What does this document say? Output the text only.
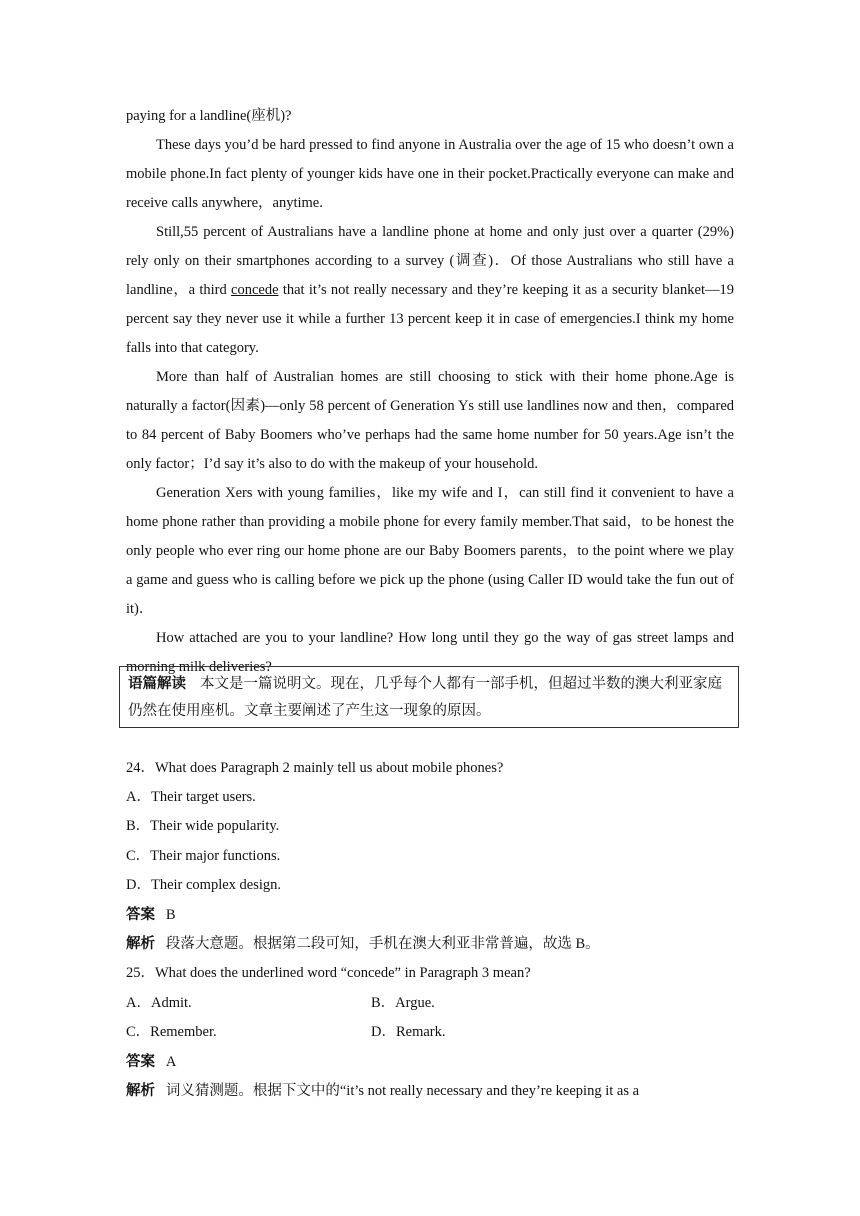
paying for a landline(座机)?

These days you’d be hard pressed to find anyone in Australia over the age of 15 who doesn’t own a mobile phone.In fact plenty of younger kids have one in their pocket.Practically everyone can make and receive calls anywhere，anytime.

Still,55 percent of Australians have a landline phone at home and only just over a quarter (29%) rely only on their smartphones according to a survey (调查)．Of those Australians who still have a landline，a third concede that it’s not really necessary and they’re keeping it as a security blanket—19 percent say they never use it while a further 13 percent keep it in case of emergencies.I think my home falls into that category.

More than half of Australian homes are still choosing to stick with their home phone.Age is naturally a factor(因素)—only 58 percent of Generation Ys still use landlines now and then，compared to 84 percent of Baby Boomers who’ve perhaps had the same home number for 50 years.Age isn’t the only factor；I’d say it’s also to do with the makeup of your household.

Generation Xers with young families，like my wife and I，can still find it convenient to have a home phone rather than providing a mobile phone for every family member.That said，to be honest the only people who ever ring our home phone are our Baby Boomers parents，to the point where we play a game and guess who is calling before we pick up the phone (using Caller ID would take the fun out of it)．

How attached are you to your landline? How long until they go the way of gas street lamps and morning milk deliveries?

语篇解读 本文是一篇说明文。现在，几乎每个人都有一部手机，但超过半数的澳大利亚家庭仍然在使用座机。文章主要阐述了产生这一现象的原因。
24．What does Paragraph 2 mainly tell us about mobile phones?
A．Their target users.
B．Their wide popularity.
C．Their major functions.
D．Their complex design.
答案 B
解析 段落大意题。根据第二段可知，手机在澳大利亚非常普遍，故选 B。
25．What does the underlined word “concede” in Paragraph 3 mean?
A．Admit.	B．Argue.
C．Remember.	D．Remark.
答案 A
解析 词义猜测题。根据下文中的“it’s not really necessary and they’re keeping it as a
